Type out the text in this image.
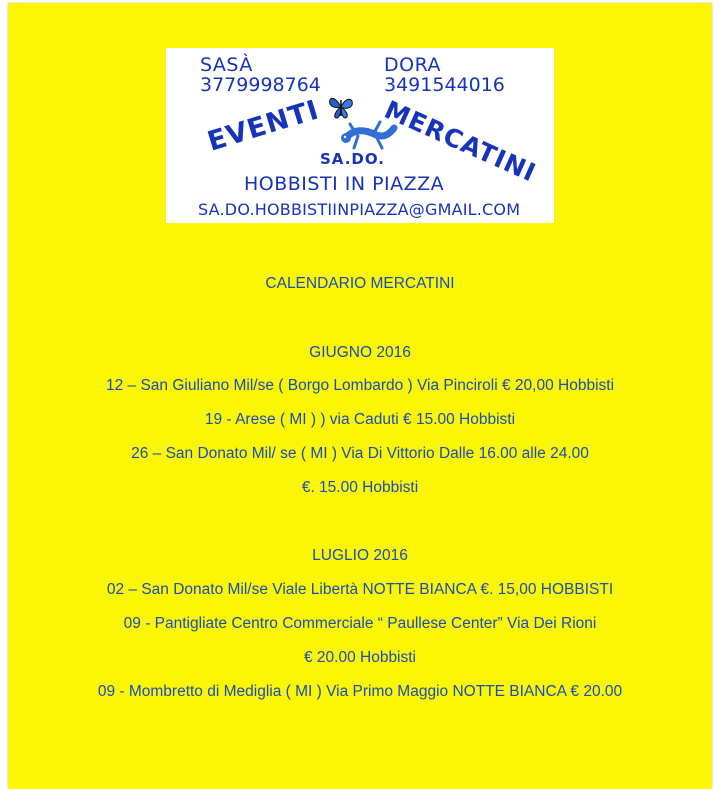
SASÀ
3779998764
DORA
3491544016
EVENTI MERCATINI
SA.DO.
HOBBISTI IN PIAZZA
SA.DO.HOBBISTIINPIAZZA@GMAIL.COM
CALENDARIO MERCATINI
GIUGNO 2016
12 – San Giuliano Mil/se ( Borgo Lombardo ) Via Pinciroli € 20,00 Hobbisti
19 - Arese ( MI ) ) via Caduti € 15.00 Hobbisti
26 – San Donato Mil/ se ( MI ) Via Di Vittorio Dalle 16.00 alle 24.00
€. 15.00 Hobbisti
LUGLIO 2016
02 – San Donato Mil/se Viale Libertà NOTTE BIANCA €. 15,00 HOBBISTI
09 - Pantigliate Centro Commerciale “ Paullese Center” Via Dei Rioni
€ 20.00 Hobbisti
09 - Mombretto di Mediglia ( MI ) Via Primo Maggio NOTTE BIANCA € 20.00
